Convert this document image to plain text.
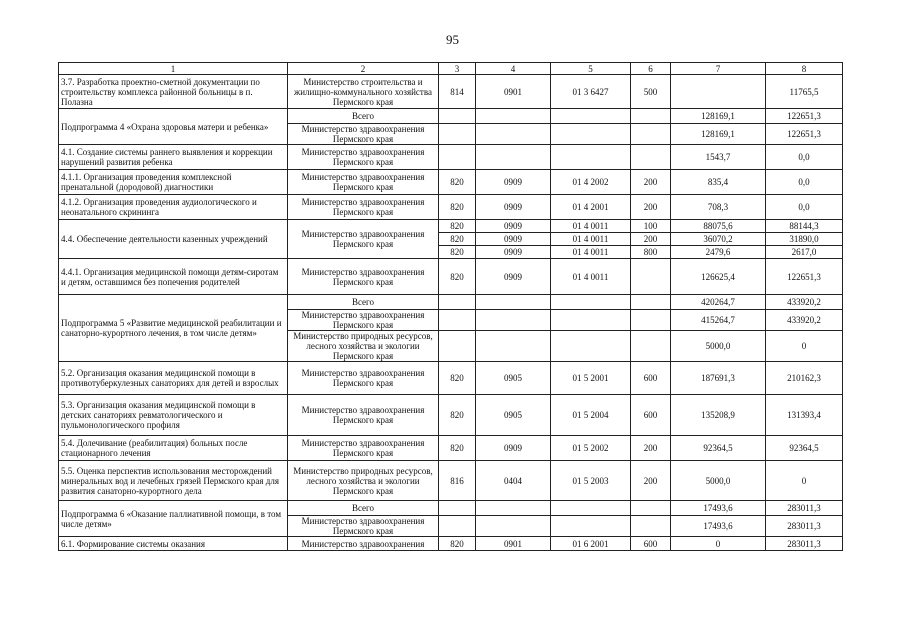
95
1	2	3	4	5	6	7	8
3.7. Разработка проектно-сметной документации по строительству комплекса районной больницы в п. Полазна	Министерство строительства и жилищно-коммунального хозяйства Пермского края	814	0901	01 3 6427	500		11765,5
Подпрограмма 4 «Охрана здоровья матери и ребенка»	Всего					128169,1	122651,3
	Министерство здравоохранения Пермского края					128169,1	122651,3
4.1. Создание системы раннего выявления и коррекции нарушений развития ребенка	Министерство здравоохранения Пермского края					1543,7	0,0
4.1.1. Организация проведения комплексной пренатальной (дородовой) диагностики	Министерство здравоохранения Пермского края	820	0909	01 4 2002	200	835,4	0,0
4.1.2. Организация проведения аудиологического и неонатального скрининга	Министерство здравоохранения Пермского края	820	0909	01 4 2001	200	708,3	0,0
4.4. Обеспечение деятельности казенных учреждений	Министерство здравоохранения Пермского края	820	0909	01 4 0011	100	88075,6	88144,3
		820	0909	01 4 0011	200	36070,2	31890,0
		820	0909	01 4 0011	800	2479,6	2617,0
4.4.1. Организация медицинской помощи детям-сиротам и детям, оставшимся без попечения родителей	Министерство здравоохранения Пермского края	820	0909	01 4 0011		126625,4	122651,3
Подпрограмма 5 «Развитие медицинской реабилитации и санаторно-курортного лечения, в том числе детям»	Всего					420264,7	433920,2
	Министерство здравоохранения Пермского края					415264,7	433920,2
	Министерство природных ресурсов, лесного хозяйства и экологии Пермского края					5000,0	0
5.2. Организация оказания медицинской помощи в противотуберкулезных санаториях для детей и взрослых	Министерство здравоохранения Пермского края	820	0905	01 5 2001	600	187691,3	210162,3
5.3. Организация оказания медицинской помощи в детских санаториях ревматологического и пульмонологического профиля	Министерство здравоохранения Пермского края	820	0905	01 5 2004	600	135208,9	131393,4
5.4. Долечивание (реабилитация) больных после стационарного лечения	Министерство здравоохранения Пермского края	820	0909	01 5 2002	200	92364,5	92364,5
5.5. Оценка перспектив использования месторождений минеральных вод и лечебных грязей Пермского края для развития санаторно-курортного дела	Министерство природных ресурсов, лесного хозяйства и экологии Пермского края	816	0404	01 5 2003	200	5000,0	0
Подпрограмма 6 «Оказание паллиативной помощи, в том числе детям»	Всего					17493,6	283011,3
	Министерство здравоохранения Пермского края					17493,6	283011,3
6.1. Формирование системы оказания	Министерство здравоохранения	820	0901	01 6 2001	600	0	283011,3
